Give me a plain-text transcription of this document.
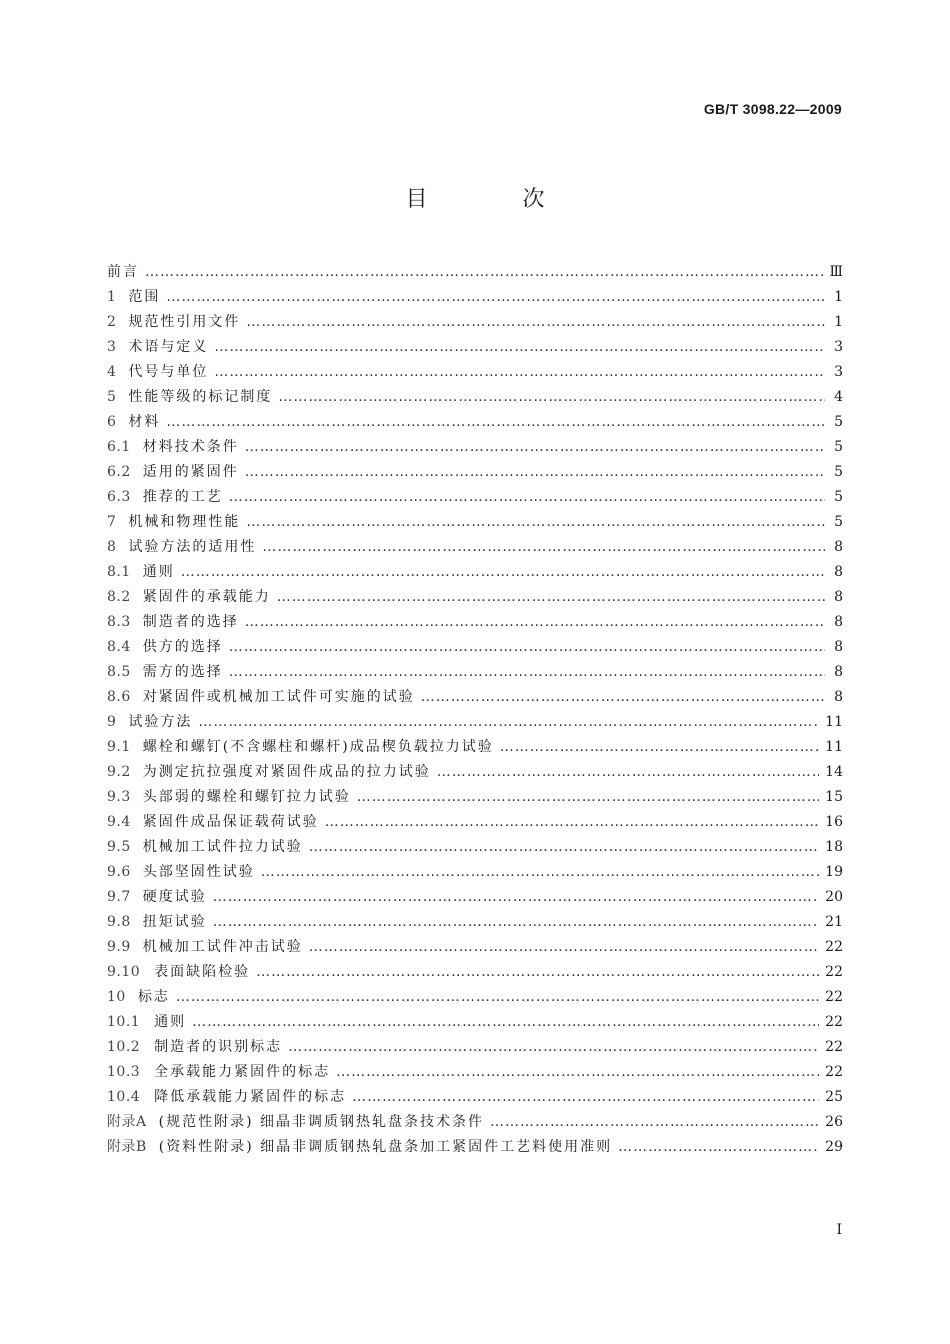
GB/T 3098.22—2009
目 次
前言 ……………………………………………………………………………………………………………………………………………………………………………………………………………………	Ⅲ
1 范围 ……………………………………………………………………………………………………………………………………………………………………………………………………………………	1
2 规范性引用文件 ……………………………………………………………………………………………………………………………………………………………………………………………………………………	1
3 术语与定义 ……………………………………………………………………………………………………………………………………………………………………………………………………………………	3
4 代号与单位 ……………………………………………………………………………………………………………………………………………………………………………………………………………………	3
5 性能等级的标记制度 ……………………………………………………………………………………………………………………………………………………………………………………………………………………	4
6 材料 ……………………………………………………………………………………………………………………………………………………………………………………………………………………	5
6.1 材料技术条件 ……………………………………………………………………………………………………………………………………………………………………………………………………………………	5
6.2 适用的紧固件 ……………………………………………………………………………………………………………………………………………………………………………………………………………………	5
6.3 推荐的工艺 ……………………………………………………………………………………………………………………………………………………………………………………………………………………	5
7 机械和物理性能 ……………………………………………………………………………………………………………………………………………………………………………………………………………………	5
8 试验方法的适用性 ……………………………………………………………………………………………………………………………………………………………………………………………………………………	8
8.1 通则 ……………………………………………………………………………………………………………………………………………………………………………………………………………………	8
8.2 紧固件的承载能力 ……………………………………………………………………………………………………………………………………………………………………………………………………………………	8
8.3 制造者的选择 ……………………………………………………………………………………………………………………………………………………………………………………………………………………	8
8.4 供方的选择 ……………………………………………………………………………………………………………………………………………………………………………………………………………………	8
8.5 需方的选择 ……………………………………………………………………………………………………………………………………………………………………………………………………………………	8
8.6 对紧固件或机械加工试件可实施的试验 ……………………………………………………………………………………………………………………………………………………………………………………………………………………	8
9 试验方法 ……………………………………………………………………………………………………………………………………………………………………………………………………………………	11
9.1 螺栓和螺钉(不含螺柱和螺杆)成品楔负载拉力试验 ……………………………………………………………………………………………………………………………………………………………………………………………………………………	11
9.2 为测定抗拉强度对紧固件成品的拉力试验 ……………………………………………………………………………………………………………………………………………………………………………………………………………………	14
9.3 头部弱的螺栓和螺钉拉力试验 ……………………………………………………………………………………………………………………………………………………………………………………………………………………	15
9.4 紧固件成品保证载荷试验 ……………………………………………………………………………………………………………………………………………………………………………………………………………………	16
9.5 机械加工试件拉力试验 ……………………………………………………………………………………………………………………………………………………………………………………………………………………	18
9.6 头部坚固性试验 ……………………………………………………………………………………………………………………………………………………………………………………………………………………	19
9.7 硬度试验 ……………………………………………………………………………………………………………………………………………………………………………………………………………………	20
9.8 扭矩试验 ……………………………………………………………………………………………………………………………………………………………………………………………………………………	21
9.9 机械加工试件冲击试验 ……………………………………………………………………………………………………………………………………………………………………………………………………………………	22
9.10 表面缺陷检验 ……………………………………………………………………………………………………………………………………………………………………………………………………………………	22
10 标志 ……………………………………………………………………………………………………………………………………………………………………………………………………………………	22
10.1 通则 ……………………………………………………………………………………………………………………………………………………………………………………………………………………	22
10.2 制造者的识别标志 ……………………………………………………………………………………………………………………………………………………………………………………………………………………	22
10.3 全承载能力紧固件的标志 ……………………………………………………………………………………………………………………………………………………………………………………………………………………	22
10.4 降低承载能力紧固件的标志 ……………………………………………………………………………………………………………………………………………………………………………………………………………………	25
附录A (规范性附录) 细晶非调质钢热轧盘条技术条件 ……………………………………………………………………………………………………………………………………………………………………………………………………………………	26
附录B (资料性附录) 细晶非调质钢热轧盘条加工紧固件工艺料使用准则 ……………………………………………………………………………………………………………………………………………………………………………………………………………………	29
I
